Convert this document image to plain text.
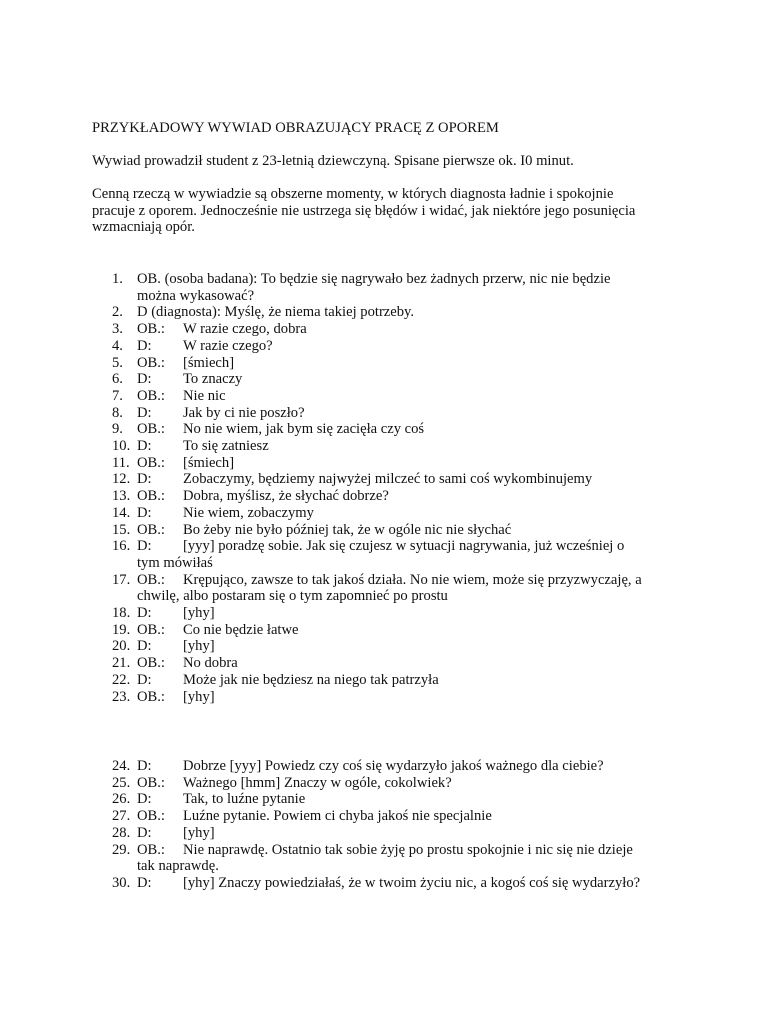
PRZYKŁADOWY WYWIAD OBRAZUJĄCY PRACĘ Z OPOREM
Wywiad prowadził student z 23-letnią dziewczyną. Spisane pierwsze ok. I0 minut.
Cenną rzeczą w wywiadzie są obszerne momenty, w których diagnosta ładnie i spokojnie
pracuje z oporem. Jednocześnie nie ustrzega się błędów i widać, jak niektóre jego posunięcia
wzmacniają opór.
1. OB. (osoba badana): To będzie się nagrywało bez żadnych przerw, nic nie będzie
można wykasować?
2. D (diagnosta): Myślę, że niema takiej potrzeby.
3. OB.: W razie czego, dobra
4. D: W razie czego?
5. OB.: [śmiech]
6. D: To znaczy
7. OB.: Nie nic
8. D: Jak by ci nie poszło?
9. OB.: No nie wiem, jak bym się zacięła czy coś
10. D: To się zatniesz
11. OB.: [śmiech]
12. D: Zobaczymy, będziemy najwyżej milczeć to sami coś wykombinujemy
13. OB.: Dobra, myślisz, że słychać dobrze?
14. D: Nie wiem, zobaczymy
15. OB.: Bo żeby nie było później tak, że w ogóle nic nie słychać
16. D: [yyy] poradzę sobie. Jak się czujesz w sytuacji nagrywania, już wcześniej o
tym mówiłaś
17. OB.: Krępująco, zawsze to tak jakoś działa. No nie wiem, może się przyzwyczaję, a
chwilę, albo postaram się o tym zapomnieć po prostu
18. D: [yhy]
19. OB.: Co nie będzie łatwe
20. D: [yhy]
21. OB.: No dobra
22. D: Może jak nie będziesz na niego tak patrzyła
23. OB.: [yhy]
24. D: Dobrze [yyy] Powiedz czy coś się wydarzyło jakoś ważnego dla ciebie?
25. OB.: Ważnego [hmm] Znaczy w ogóle, cokolwiek?
26. D: Tak, to luźne pytanie
27. OB.: Luźne pytanie. Powiem ci chyba jakoś nie specjalnie
28. D: [yhy]
29. OB.: Nie naprawdę. Ostatnio tak sobie żyję po prostu spokojnie i nic się nie dzieje
tak naprawdę.
30. D: [yhy] Znaczy powiedziałaś, że w twoim życiu nic, a kogoś coś się wydarzyło?
